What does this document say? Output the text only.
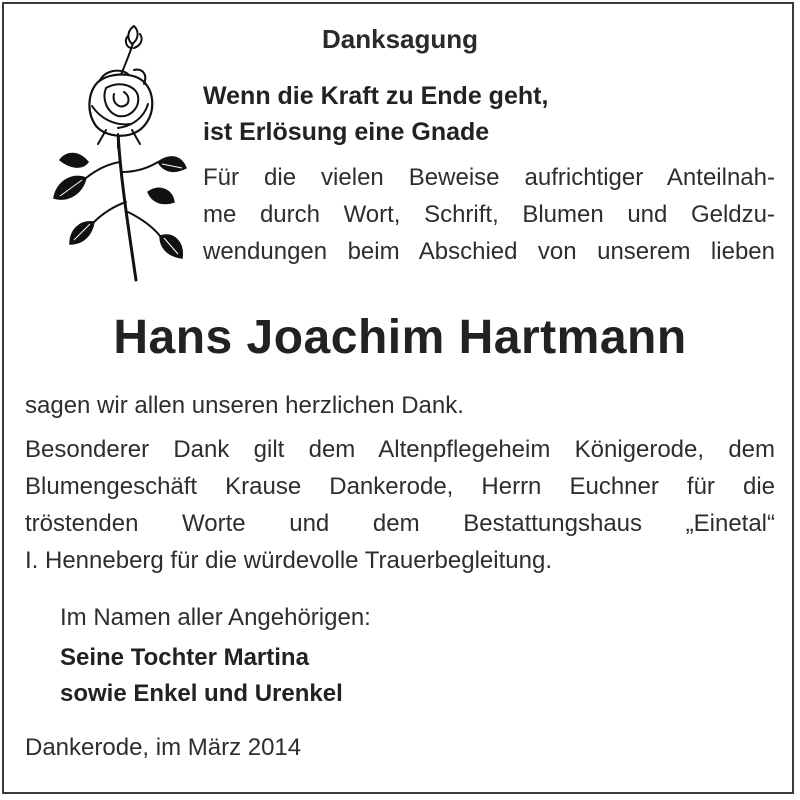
Danksagung

Wenn die Kraft zu Ende geht,

ist Erlösung eine Gnade

Für die vielen Beweise aufrichtiger Anteilnah-

me durch Wort, Schrift, Blumen und Geldzu-

wendungen beim Abschied von unserem lieben

Hans Joachim Hartmann

sagen wir allen unseren herzlichen Dank.

Besonderer Dank gilt dem Altenpflegeheim Königerode, dem

Blumengeschäft Krause Dankerode, Herrn Euchner für die

tröstenden Worte und dem Bestattungshaus „Einetal“

I. Henneberg für die würdevolle Trauerbegleitung.

Im Namen aller Angehörigen:

Seine Tochter Martina

sowie Enkel und Urenkel

Dankerode, im März 2014
